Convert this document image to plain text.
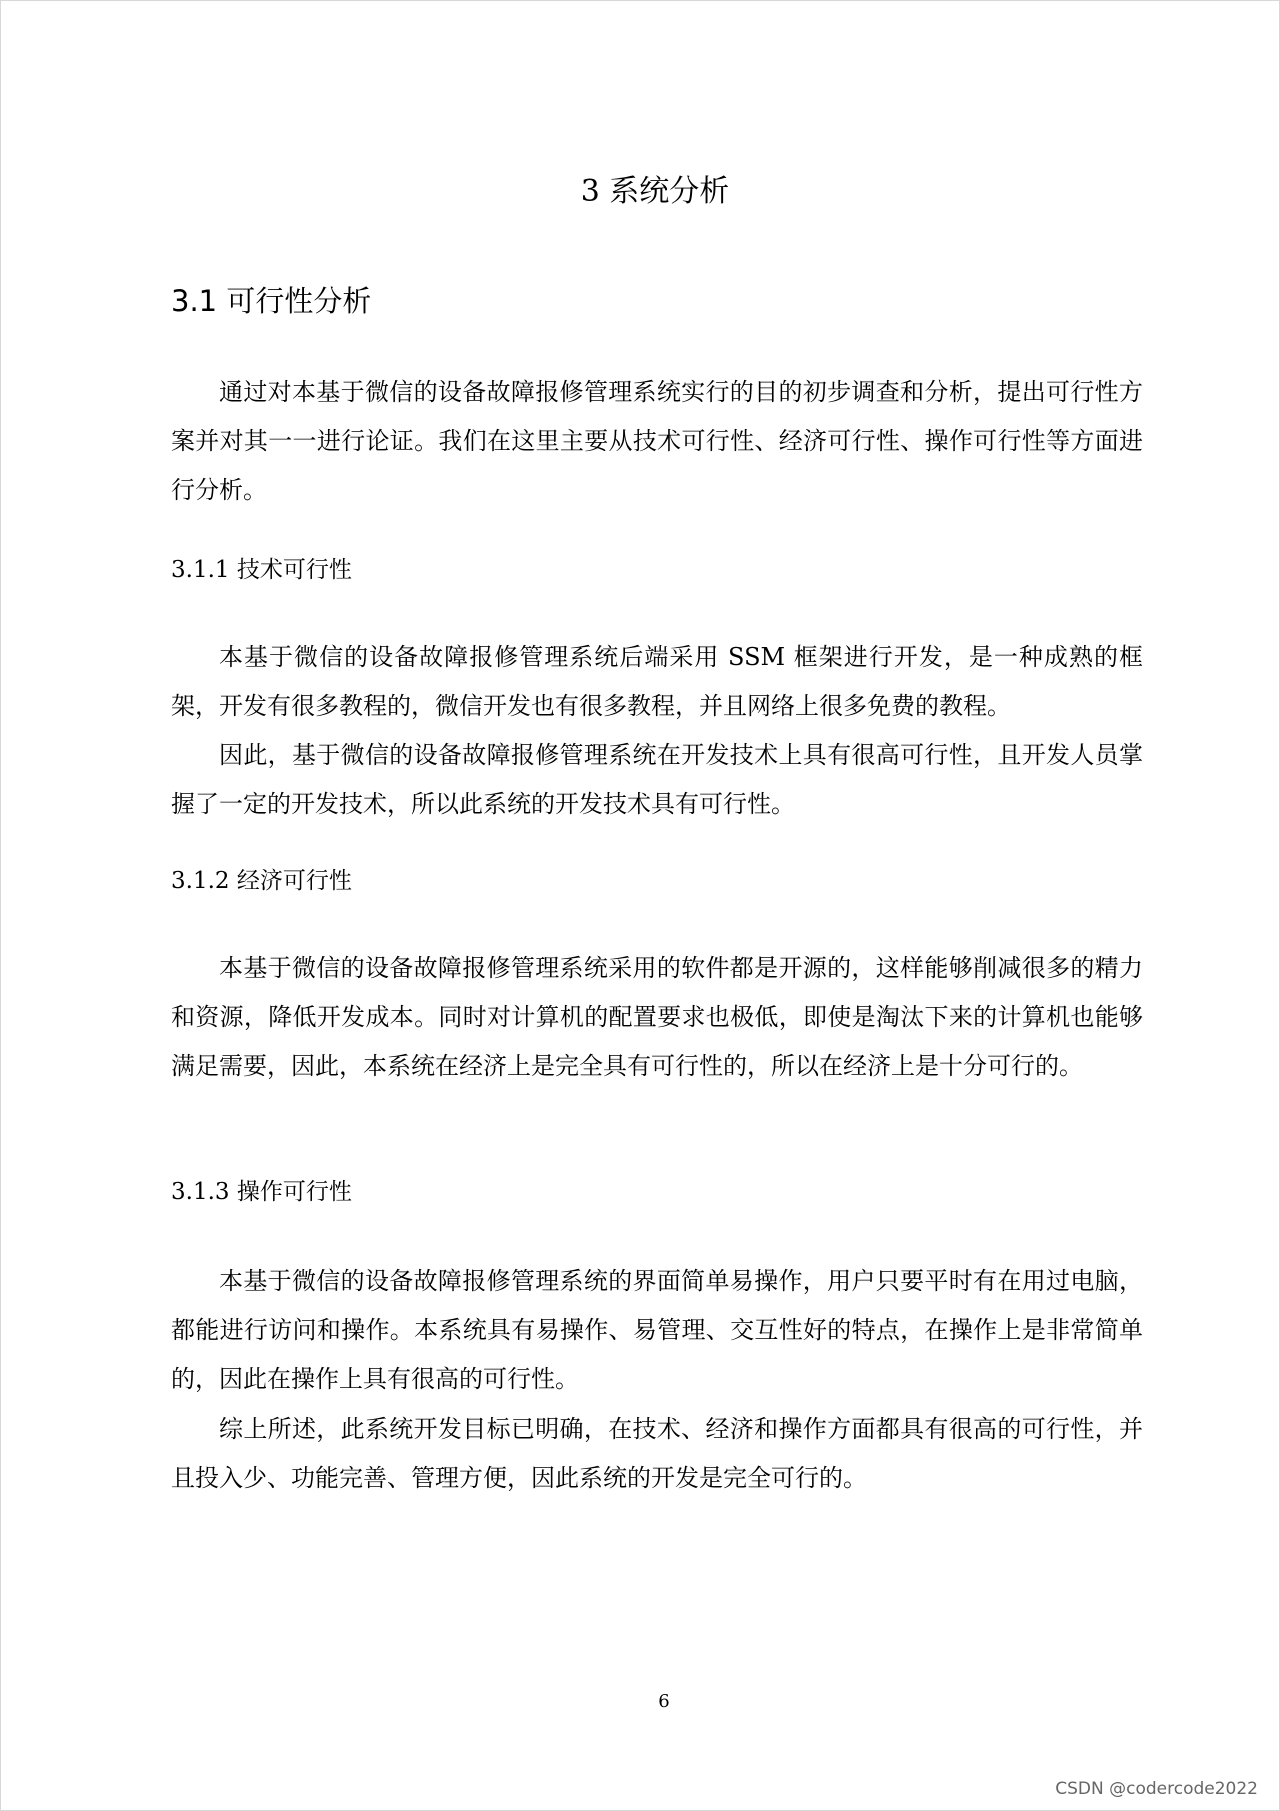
3 系统分析
3.1 可行性分析

通过对本基于微信的设备故障报修管理系统实行的目的初步调查和分析，提出可行性方案并对其一一进行论证。我们在这里主要从技术可行性、经济可行性、操作可行性等方面进行分析。

3.1.1 技术可行性

本基于微信的设备故障报修管理系统后端采用 SSM 框架进行开发，是一种成熟的框架，开发有很多教程的，微信开发也有很多教程，并且网络上很多免费的教程。

因此，基于微信的设备故障报修管理系统在开发技术上具有很高可行性，且开发人员掌握了一定的开发技术，所以此系统的开发技术具有可行性。

3.1.2 经济可行性

本基于微信的设备故障报修管理系统采用的软件都是开源的，这样能够削减很多的精力和资源，降低开发成本。同时对计算机的配置要求也极低，即使是淘汰下来的计算机也能够满足需要，因此，本系统在经济上是完全具有可行性的，所以在经济上是十分可行的。

3.1.3 操作可行性

本基于微信的设备故障报修管理系统的界面简单易操作，用户只要平时有在用过电脑，都能进行访问和操作。本系统具有易操作、易管理、交互性好的特点，在操作上是非常简单的，因此在操作上具有很高的可行性。

综上所述，此系统开发目标已明确，在技术、经济和操作方面都具有很高的可行性，并且投入少、功能完善、管理方便，因此系统的开发是完全可行的。

6
CSDN @codercode2022
